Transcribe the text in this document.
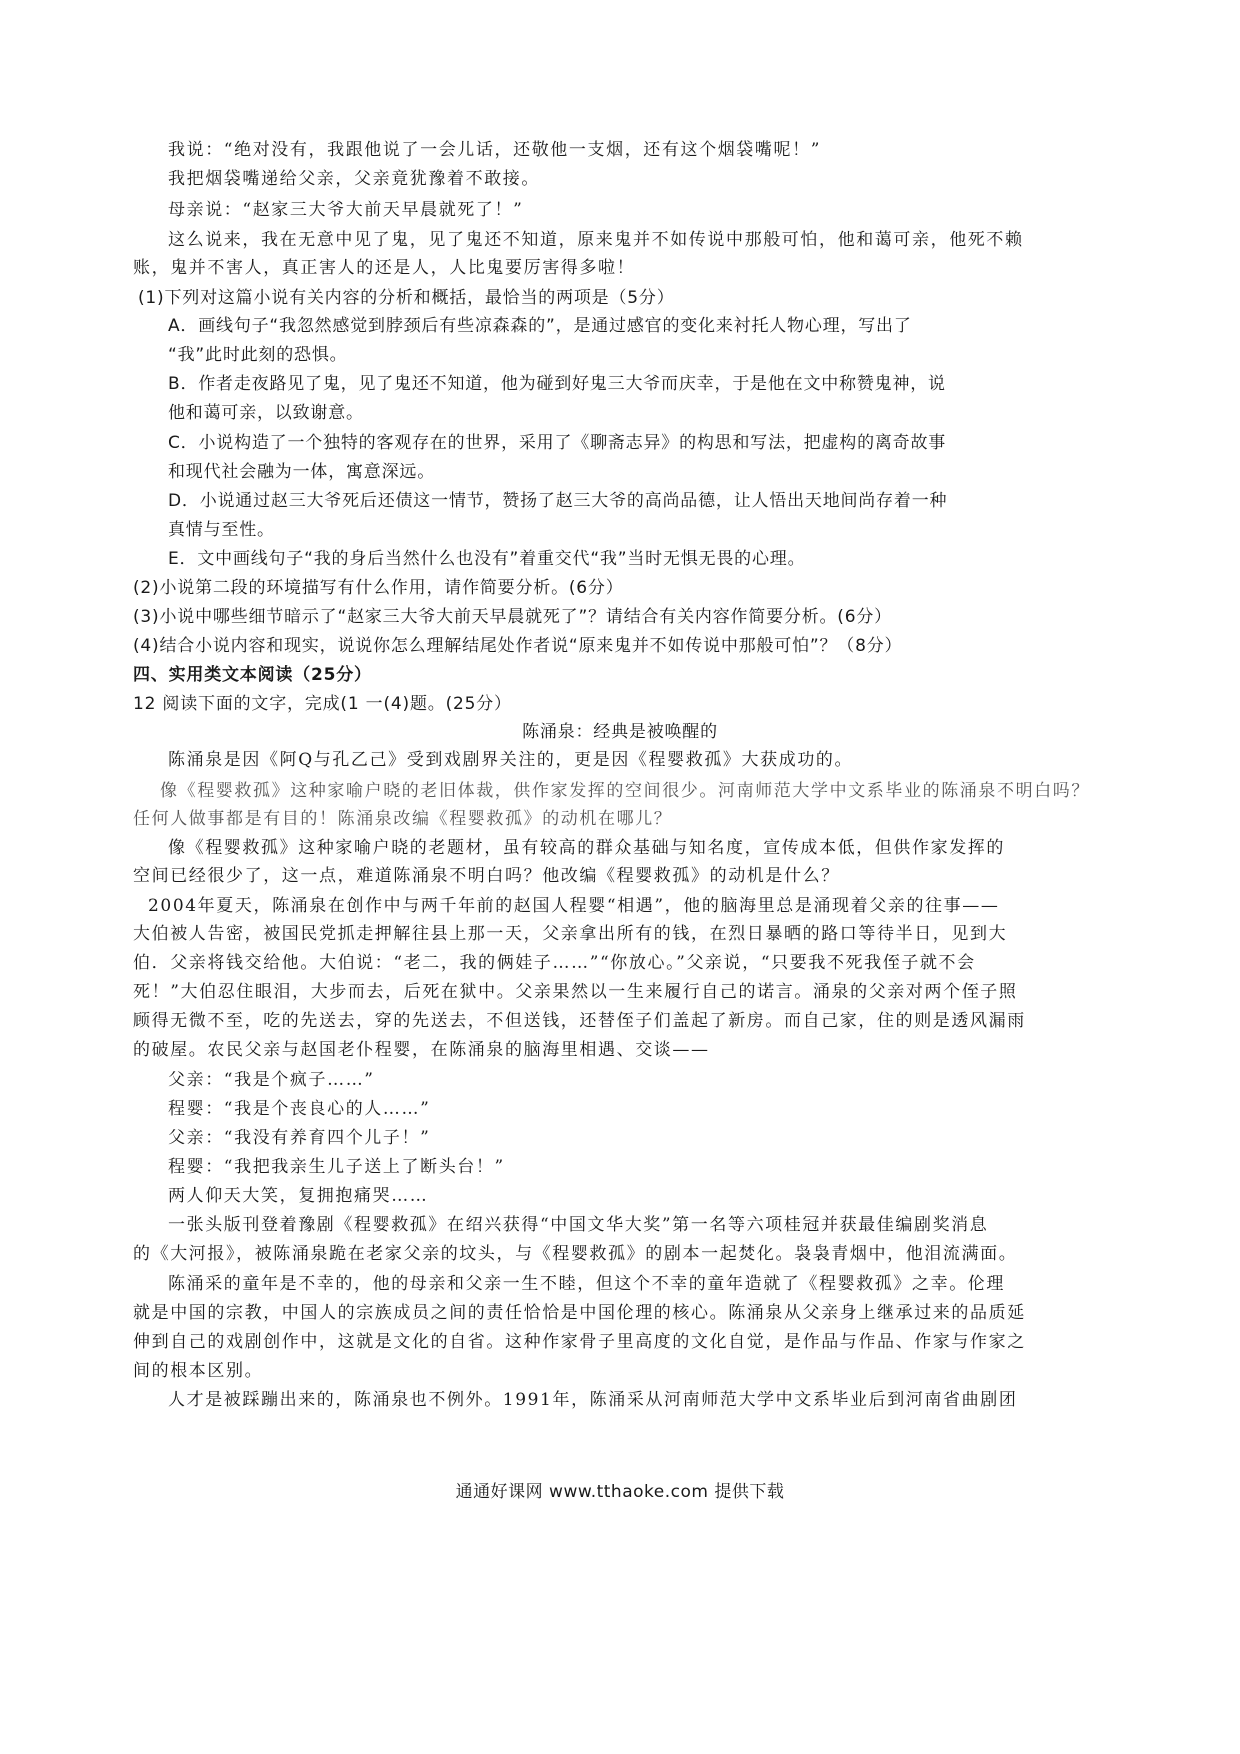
我说：“绝对没有，我跟他说了一会儿话，还敬他一支烟，还有这个烟袋嘴呢！”
我把烟袋嘴递给父亲，父亲竟犹豫着不敢接。
母亲说：“赵家三大爷大前天早晨就死了！”
这么说来，我在无意中见了鬼，见了鬼还不知道，原来鬼并不如传说中那般可怕，他和蔼可亲，他死不赖
账，鬼并不害人，真正害人的还是人，人比鬼要厉害得多啦！
(1)下列对这篇小说有关内容的分析和概括，最恰当的两项是（5分）
A．画线句子“我忽然感觉到脖颈后有些凉森森的”，是通过感官的变化来衬托人物心理，写出了
“我”此时此刻的恐惧。
B．作者走夜路见了鬼，见了鬼还不知道，他为碰到好鬼三大爷而庆幸，于是他在文中称赞鬼神，说
他和蔼可亲，以致谢意。
C．小说构造了一个独特的客观存在的世界，采用了《聊斋志异》的构思和写法，把虚构的离奇故事
和现代社会融为一体，寓意深远。
D．小说通过赵三大爷死后还债这一情节，赞扬了赵三大爷的高尚品德，让人悟出天地间尚存着一种
真情与至性。
E．文中画线句子“我的身后当然什么也没有”着重交代“我”当时无惧无畏的心理。
(2)小说第二段的环境描写有什么作用，请作简要分析。(6分）
(3)小说中哪些细节暗示了“赵家三大爷大前天早晨就死了”？请结合有关内容作简要分析。(6分）
(4)结合小说内容和现实，说说你怎么理解结尾处作者说“原来鬼并不如传说中那般可怕”？（8分）
四、实用类文本阅读（25分）
12 阅读下面的文字，完成(1 一(4)题。(25分）
陈涌泉：经典是被唤醒的
陈涌泉是因《阿Q与孔乙己》受到戏剧界关注的，更是因《程婴救孤》大获成功的。
像《程婴救孤》这种家喻户晓的老旧体裁，供作家发挥的空间很少。河南师范大学中文系毕业的陈涌泉不明白吗？
任何人做事都是有目的！陈涌泉改编《程婴救孤》的动机在哪儿？
像《程婴救孤》这种家喻户晓的老题材，虽有较高的群众基础与知名度，宣传成本低，但供作家发挥的
空间已经很少了，这一点，难道陈涌泉不明白吗？他改编《程婴救孤》的动机是什么？
2004年夏天，陈涌泉在创作中与两千年前的赵国人程婴“相遇”，他的脑海里总是涌现着父亲的往事——
大伯被人告密，被国民党抓走押解往县上那一天，父亲拿出所有的钱，在烈日暴晒的路口等待半日，见到大
伯．父亲将钱交给他。大伯说：“老二，我的俩娃子……”“你放心。”父亲说，“只要我不死我侄子就不会
死！”大伯忍住眼泪，大步而去，后死在狱中。父亲果然以一生来履行自己的诺言。涌泉的父亲对两个侄子照
顾得无微不至，吃的先送去，穿的先送去，不但送钱，还替侄子们盖起了新房。而自己家，住的则是透风漏雨
的破屋。农民父亲与赵国老仆程婴，在陈涌泉的脑海里相遇、交谈——
父亲：“我是个疯子……”
程婴：“我是个丧良心的人……”
父亲：“我没有养育四个儿子！”
程婴：“我把我亲生儿子送上了断头台！”
两人仰天大笑，复拥抱痛哭……
一张头版刊登着豫剧《程婴救孤》在绍兴获得“中国文华大奖”第一名等六项桂冠并获最佳编剧奖消息
的《大河报》，被陈涌泉跪在老家父亲的坟头，与《程婴救孤》的剧本一起焚化。袅袅青烟中，他泪流满面。
陈涌采的童年是不幸的，他的母亲和父亲一生不睦，但这个不幸的童年造就了《程婴救孤》之幸。伦理
就是中国的宗教，中国人的宗族成员之间的责任恰恰是中国伦理的核心。陈涌泉从父亲身上继承过来的品质延
伸到自己的戏剧创作中，这就是文化的自省。这种作家骨子里高度的文化自觉，是作品与作品、作家与作家之
间的根本区别。
人才是被踩蹦出来的，陈涌泉也不例外。1991年，陈涌采从河南师范大学中文系毕业后到河南省曲剧团
通通好课网 www.tthaoke.com 提供下载
